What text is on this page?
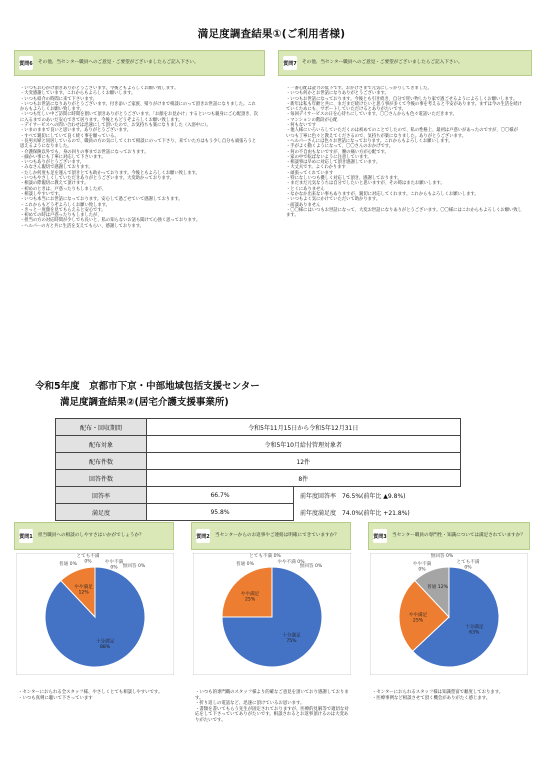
満足度調査結果①(ご利用者様)
質問6 その他、当センター職員へのご意見・ご要望がございましたらご記入下さい。	質問7 その他、当センター職員へのご意見・ご要望がございましたらご記入下さい。
・いつもお心がけ頂きありがとうございます。今後ともよろしくお願い致します。
・大変感謝しています。これからもよろしくお願いします。
・いつも紹介の時間に来て下さいます。
・いつもお世話になりありがとうございます。付き添いご家族、帰りがけまで相談にのって頂きお世話になりました。これからもよろしくお願い致します。
・いつも忙しい中ご訪問に時間を割いて頂きありがとうございます。「お顔をお見かけ」するといつも親身にご心配頂き、次に入るまでのあいだ安心できて居ります。今後ともどうぞよろしくお願い致します。
・デイサービスへの問い合わせは迅速にして頂いたので、お気持ちも楽になりました（入浴中に）。
・いまのままで良いと思います。ありがとうございます。
・すべて親切にしていて良く続く事を願っている。
・長男夫婦と同居しているので、職員の方の気にしてくれて相談にのって下さり、来ていた方はもう少し自分も頑張ろうと思えるようになりました。
・介護保険以外でも、身の回りの事までお世話になっております。
・細かい事にも丁寧に対応して下さいます。
・いつもありがとうございます。
・みなさん親切で感謝しております。
・たしか何度も足を運んで頂きとても助かっております。今後ともよろしくお願い致します。
・いつもやさしくしていただきありがとうございます。大変助かっております。
・相談の際親切に教えて頂けます。
・初めのときは、戸惑ったりもしましたが、
・相談しやすいです。
・いつも本当にお世話になっております。安心して過ごせていて感謝しております。
・これからもどうぞよろしくお願い致します。
・きっと一度顔を見てもらえると安心です。
・初めての時は戸惑ったりもしましたが、
・担当の方の対応時間が少しでも長いと、私の知らないお話も聞けて心強く思っております。
・ヘルパーの方と共に生活を支えてもらい、感謝しております。
・一番心配は読力の低下です。おかげさまで元気にしっかりしてきました。
・いつも何かとお世話になりありがとうございます。
・いつもお世話になっております。今後とも引き続き、自分で買い物したり家で過ごせるようによろしくお願いします。
・新年は私も年齢と共に、まだまだ続けたいと思う事が多くて今後の事を考えると不安があります。まずは今の生活を続けていくためにも、サポートしていただけるとありがたいです。
・毎回デイサービスの日を心待ちにしています。〇〇さんからも色々電話いただきます。
・マンションの階段が心配
・何もないです
・他人様にいろいろしていただくのは初めてのことでしたので、私の性格上、最初は戸惑いがあったのですが、〇〇様がいつも丁寧に色々と教えてくださるので、気持ちが楽になりました。ありがとうございます。
・ヘルパーさんには色々お世話になっております。これからもよろしくお願いします。
・手がよく動くようになって、〇〇さんのおかげです。
・何の不自由もないですが、腰の痛い方が心配です。
・家の中で転ばないように注意しています。
・相談事は早めに対応して頂き感謝しています。
・大丈夫です。よくわかります
・頑張ってくれています
・特になしいつも優しく対応して頂き、感謝しております。
・まだまだ元気なうちは自分でしたいと思いますが、その時はまたお願いします。
・とくにありません
・なかなか出来ない事もありますが、親切に対応してくれます。これからもよろしくお願いします。
・いつもよく気にかけていただいて助かります。
・面談ありません
・〇〇様にはいつもお世話になって、大変お世話になりありがとうございます。〇〇様にはこれからもよろしくお願い致します。
令和5年度　京都市下京・中部地域包括支援センター
満足度調査結果②(居宅介護支援事業所)
配布・回収期間	令和5年11月15日から令和5年12月31日	
配布対象	令和5年10月給付管理対象者	
配布件数	12件	
回答件数	8件	
回答率	66.7%	前年度回答率　76.5%(前年比 ▲9.8%)
満足度	95.8%	前年度満足度　74.0%(前年比 +21.8%)
質問1 担当職員への相談のしやすさはいかがでしょうか？	質問2 当センターからのお返事やご連絡は明確にできていますか？	質問3 当センター職員の専門性・知識については満足されていますか？
十分満足 88%
やや満足 12%
普通 0%	やや不満 0%
とても不満 0%
無回答 0%
十分満足 75%
やや満足 25%
普通 0%	やや不満 0%
とても不満 0%
無回答 0%
十分満足 63%
やや満足 25%
普通 12%
やや不満 0%
とても不満 0%
無回答 0%
・センターにおられる全スタッフ様、やさしくとても相談しやすいです。
・いつも真剣に聴いて下さっています
・いつも的専門職のスタッフ様より的確なご意見を頂いており感謝しております。
・折り返しの電話など、迅速に頂けているお思います。
・書類を書いてもらう先生が固定されておりますが、医療的見解等で適切な対応をして下さっていてありがたいです。相談されるとお返事頂けるのは大変ありがたいです。
・センターにおられるスタッフ様は知識豊富で頼度しております。
・医療事例など相談させて頂く機会がありがたく感じます。
